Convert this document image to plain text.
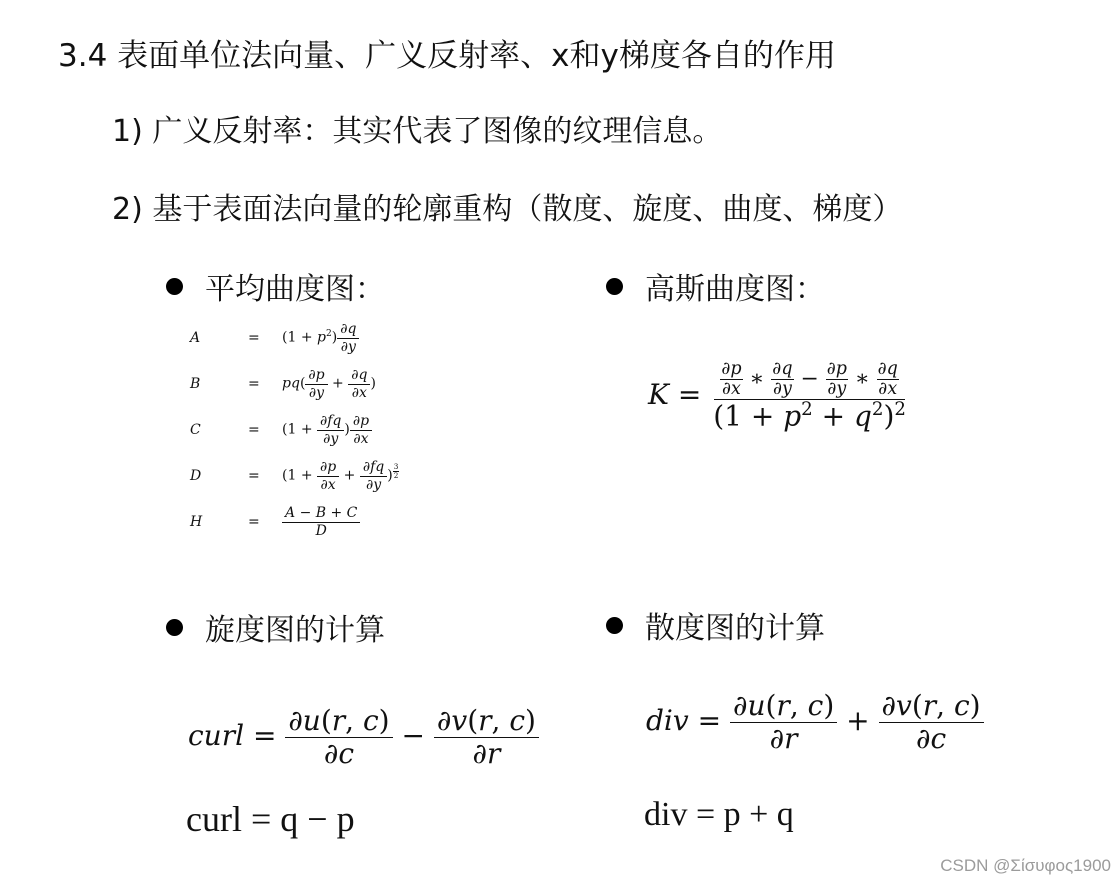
3.4 表面单位法向量、广义反射率、x和y梯度各自的作用
1) 广义反射率：其实代表了图像的纹理信息。
2) 基于表面法向量的轮廓重构（散度、旋度、曲度、梯度）
平均曲度图：	高斯曲度图：
A	=	$(1 + p^2) \frac{\partial q}{\partial y}$
B	=	$pq( \frac{\partial p}{\partial y} + \frac{\partial q}{\partial x}$ )
C	=	($1 + \frac{\partial fq}{\partial y}$ ) $\frac{\partial p}{\partial x}$
D	=	($1 + \frac{\partial p}{\partial x} + \frac{\partial fq}{\partial y}$ ) $^{\frac{3}{2}}$
H	=	$\frac{A - B + C}{D}$
$K = \frac{\partial p}{\partial x}$ ∗ $\frac{\partial q}{\partial y} - \frac{\partial p}{\partial y}$ ∗ $\frac{\partial q}{\partial x}$
$(1 + p^2 + q^2)^2$
旋度图的计算	散度图的计算
curl = $\frac{\partial u(r, c)}{\partial c} - \frac{\partial v(r, c)}{\partial r}$	div = $\frac{\partial u(r, c)}{\partial r} + \frac{\partial v(r, c)}{\partial c}$
curl = q − p	div = p + q
CSDN @Σίσυφος1900
